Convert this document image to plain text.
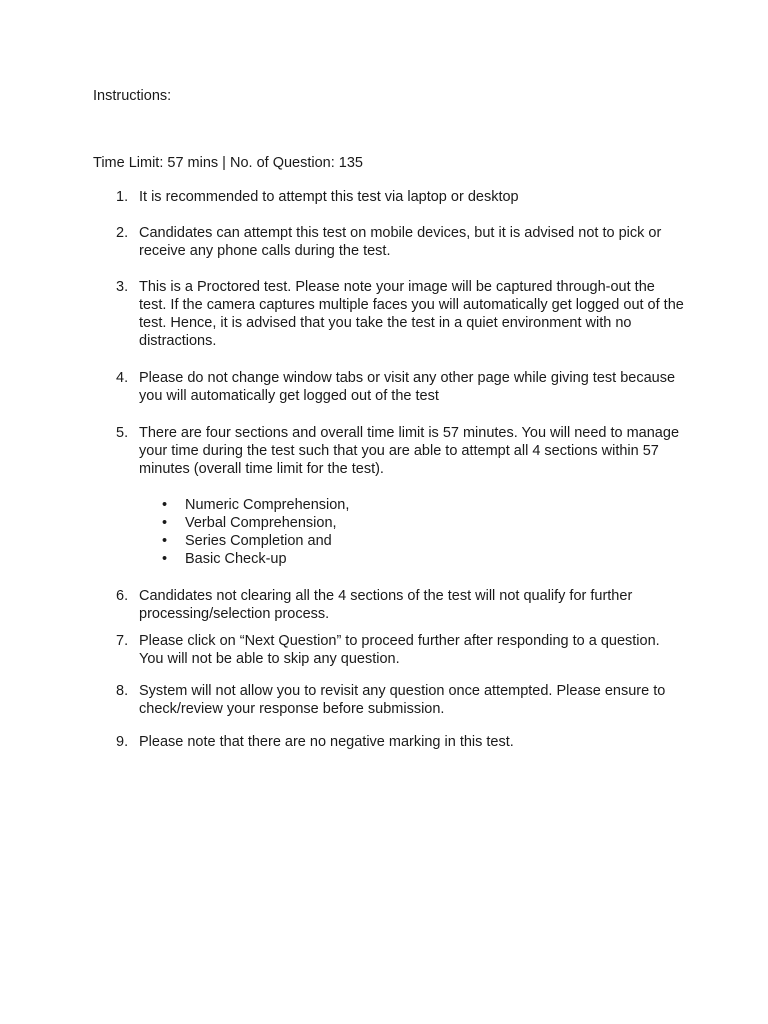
Instructions:

Time Limit: 57 mins | No. of Question: 135

1. It is recommended to attempt this test via laptop or desktop
2. Candidates can attempt this test on mobile devices, but it is advised not to pick or receive any phone calls during the test.
3. This is a Proctored test. Please note your image will be captured through-out the test. If the camera captures multiple faces you will automatically get logged out of the test. Hence, it is advised that you take the test in a quiet environment with no distractions.
4. Please do not change window tabs or visit any other page while giving test because you will automatically get logged out of the test
5. There are four sections and overall time limit is 57 minutes. You will need to manage your time during the test such that you are able to attempt all 4 sections within 57 minutes (overall time limit for the test).
• Numeric Comprehension,
• Verbal Comprehension,
• Series Completion and
• Basic Check-up
6. Candidates not clearing all the 4 sections of the test will not qualify for further processing/selection process.
7. Please click on “Next Question” to proceed further after responding to a question. You will not be able to skip any question.
8. System will not allow you to revisit any question once attempted. Please ensure to check/review your response before submission.
9. Please note that there are no negative marking in this test.
